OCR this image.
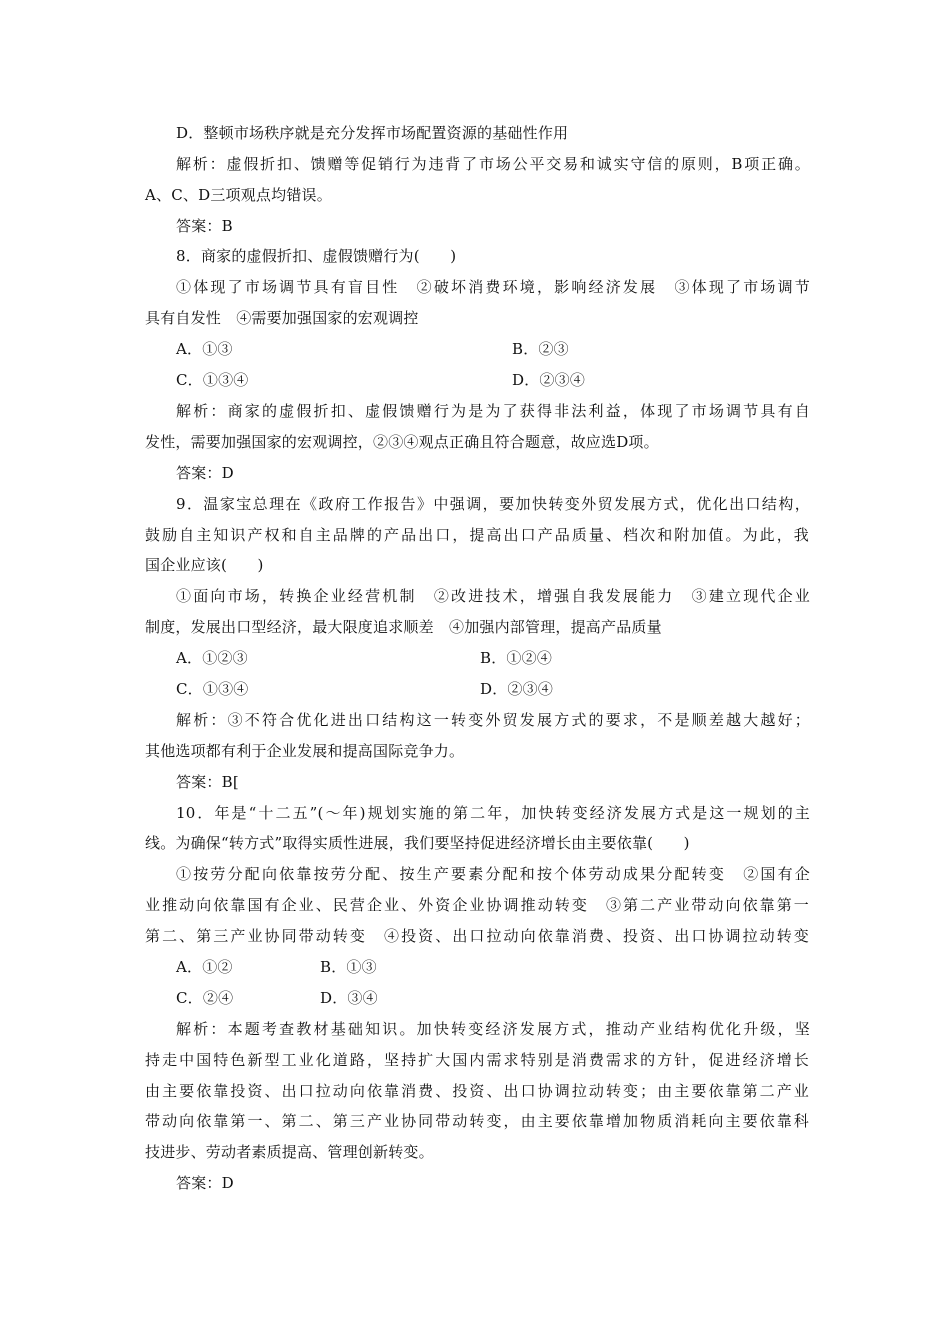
D．整顿市场秩序就是充分发挥市场配置资源的基础性作用
解析：虚假折扣、馈赠等促销行为违背了市场公平交易和诚实守信的原则，B项正确。
A、C、D三项观点均错误。
答案：B
8．商家的虚假折扣、虚假馈赠行为(　　)
①体现了市场调节具有盲目性　②破坏消费环境，影响经济发展　③体现了市场调节
具有自发性　④需要加强国家的宏观调控
A．①③	B．②③
C．①③④	D．②③④
解析：商家的虚假折扣、虚假馈赠行为是为了获得非法利益，体现了市场调节具有自
发性，需要加强国家的宏观调控，②③④观点正确且符合题意，故应选D项。
答案：D
9．温家宝总理在《政府工作报告》中强调，要加快转变外贸发展方式，优化出口结构，
鼓励自主知识产权和自主品牌的产品出口，提高出口产品质量、档次和附加值。为此，我
国企业应该(　　)
①面向市场，转换企业经营机制　②改进技术，增强自我发展能力　③建立现代企业
制度，发展出口型经济，最大限度追求顺差　④加强内部管理，提高产品质量
A．①②③	B．①②④
C．①③④	D．②③④
解析：③不符合优化进出口结构这一转变外贸发展方式的要求，不是顺差越大越好；
其他选项都有利于企业发展和提高国际竞争力。
答案：B[
10．年是“十二五”(～年)规划实施的第二年，加快转变经济发展方式是这一规划的主
线。为确保“转方式”取得实质性进展，我们要坚持促进经济增长由主要依靠(　　)
①按劳分配向依靠按劳分配、按生产要素分配和按个体劳动成果分配转变　②国有企
业推动向依靠国有企业、民营企业、外资企业协调推动转变　③第二产业带动向依靠第一
第二、第三产业协同带动转变　④投资、出口拉动向依靠消费、投资、出口协调拉动转变
A．①②	B．①③
C．②④	D．③④
解析：本题考查教材基础知识。加快转变经济发展方式，推动产业结构优化升级，坚
持走中国特色新型工业化道路，坚持扩大国内需求特别是消费需求的方针，促进经济增长
由主要依靠投资、出口拉动向依靠消费、投资、出口协调拉动转变；由主要依靠第二产业
带动向依靠第一、第二、第三产业协同带动转变，由主要依靠增加物质消耗向主要依靠科
技进步、劳动者素质提高、管理创新转变。
答案：D
